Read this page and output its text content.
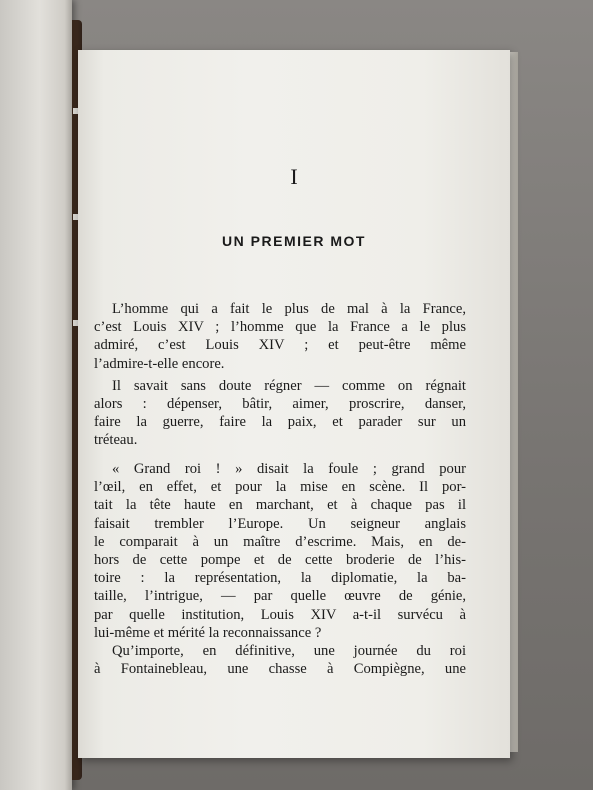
I
UN PREMIER MOT
L’homme qui a fait le plus de mal à la France,
c’est Louis XIV ; l’homme que la France a le plus
admiré, c’est Louis XIV ; et peut-être même
l’admire-t-elle encore.
Il savait sans doute régner — comme on régnait
alors : dépenser, bâtir, aimer, proscrire, danser,
faire la guerre, faire la paix, et parader sur un
tréteau.
« Grand roi ! » disait la foule ; grand pour
l’œil, en effet, et pour la mise en scène. Il por-
tait la tête haute en marchant, et à chaque pas il
faisait trembler l’Europe. Un seigneur anglais
le comparait à un maître d’escrime. Mais, en de-
hors de cette pompe et de cette broderie de l’his-
toire : la représentation, la diplomatie, la ba-
taille, l’intrigue, — par quelle œuvre de génie,
par quelle institution, Louis XIV a-t-il survécu à
lui-même et mérité la reconnaissance ?
Qu’importe, en définitive, une journée du roi
à Fontainebleau, une chasse à Compiègne, une
